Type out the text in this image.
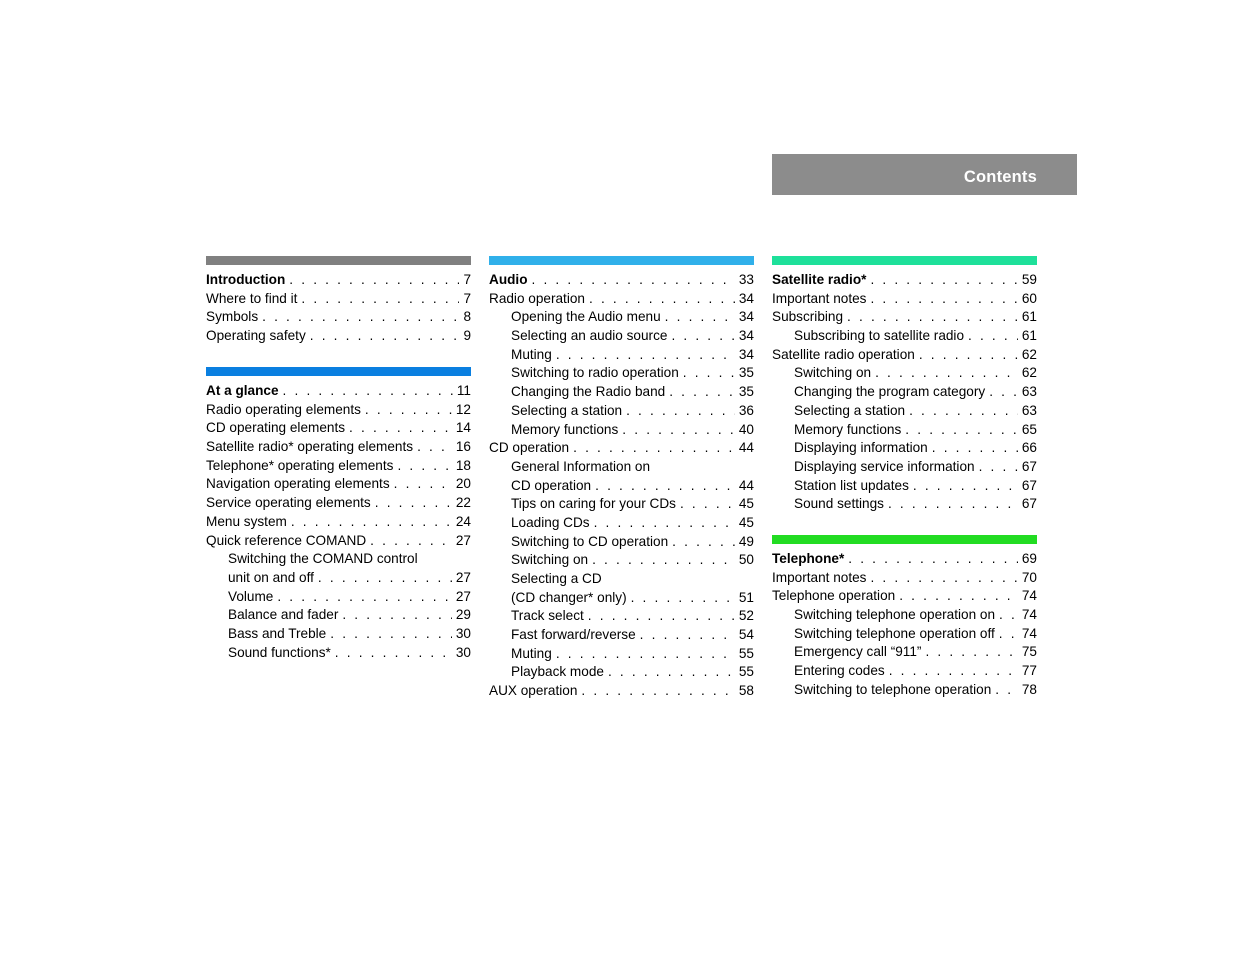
Contents
Introduction . . .	7
Where to find it . . .	7
Symbols . . .	8
Operating safety . . .	9
At a glance . . .	11
Radio operating elements . . .	12
CD operating elements . . .	14
Satellite radio* operating elements . . .	16
Telephone* operating elements . . .	18
Navigation operating elements . . .	20
Service operating elements . . .	22
Menu system . . .	24
Quick reference COMAND . . .	27
Switching the COMAND control
unit on and off . . .	27
Volume . . .	27
Balance and fader . . .	29
Bass and Treble . . .	30
Sound functions* . . .	30
Audio . . .	33
Radio operation . . .	34
Opening the Audio menu . . .	34
Selecting an audio source . . .	34
Muting . . .	34
Switching to radio operation . . .	35
Changing the Radio band . . .	35
Selecting a station . . .	36
Memory functions . . .	40
CD operation . . .	44
General Information on
CD operation . . .	44
Tips on caring for your CDs . . .	45
Loading CDs . . .	45
Switching to CD operation . . .	49
Switching on . . .	50
Selecting a CD
(CD changer* only) . . .	51
Track select . . .	52
Fast forward/reverse . . .	54
Muting . . .	55
Playback mode . . .	55
AUX operation . . .	58
Satellite radio* . . .	59
Important notes . . .	60
Subscribing . . .	61
Subscribing to satellite radio . . .	61
Satellite radio operation . . .	62
Switching on . . .	62
Changing the program category . . .	63
Selecting a station . . .	63
Memory functions . . .	65
Displaying information . . .	66
Displaying service information . . .	67
Station list updates . . .	67
Sound settings . . .	67
Telephone* . . .	69
Important notes . . .	70
Telephone operation . . .	74
Switching telephone operation on . . . 74
Switching telephone operation off . . . 74
Emergency call “911” . . .	75
Entering codes . . .	77
Switching to telephone operation . . . 78
